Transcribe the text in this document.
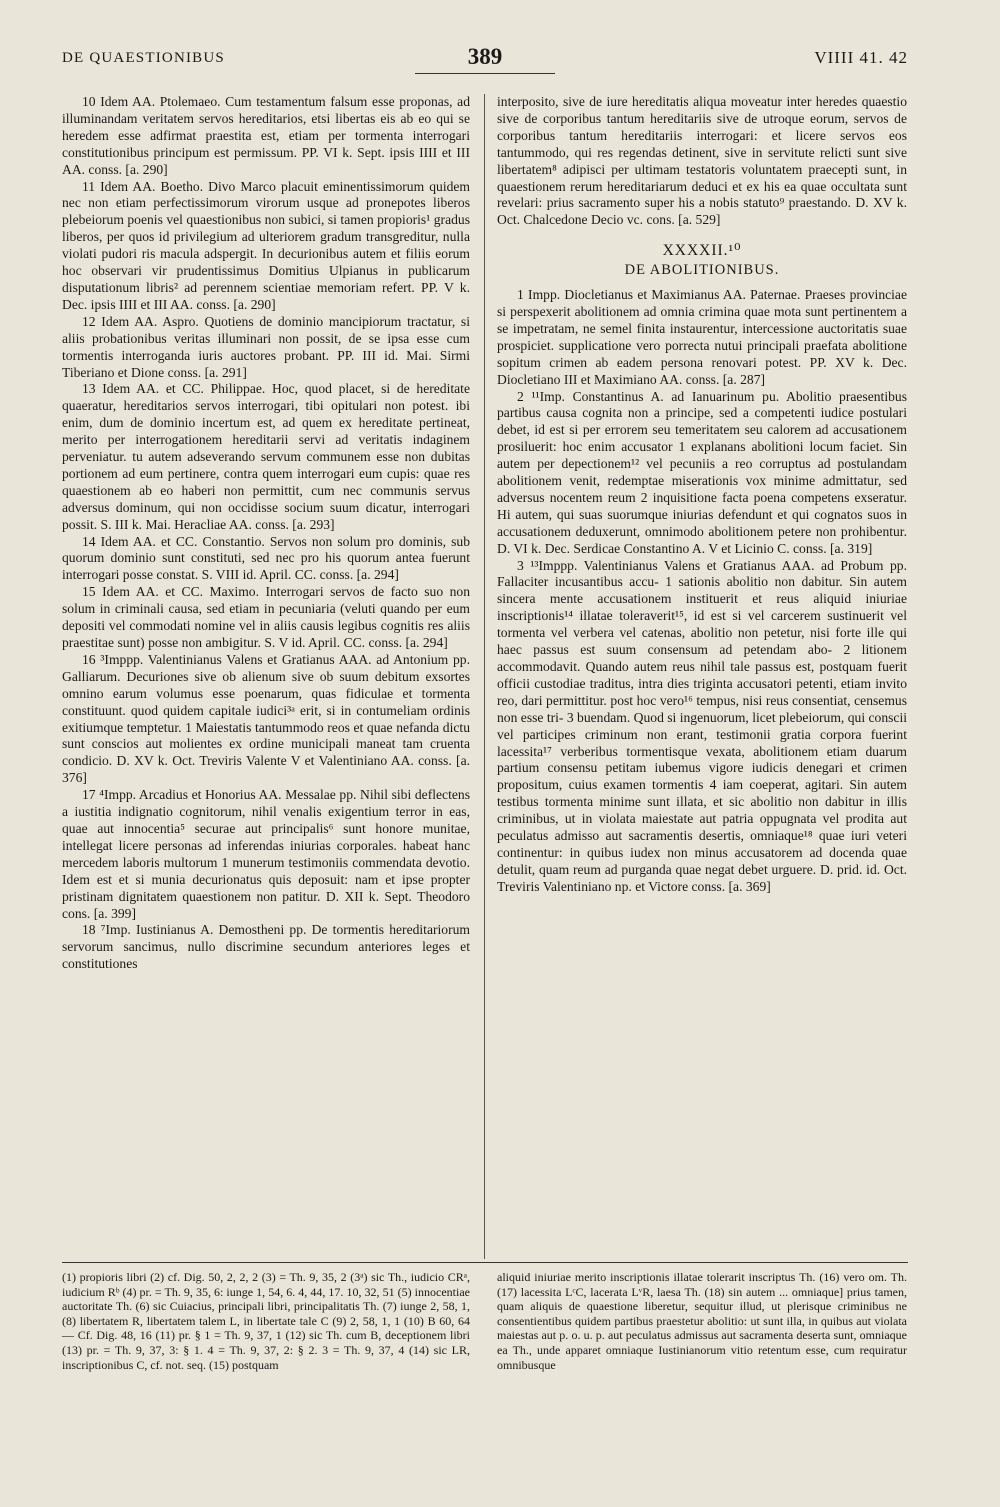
DE QUAESTIONIBUS	389	VIIII 41. 42

10 Idem AA. Ptolemaeo. Cum testamentum falsum esse proponas, ad illuminandam veritatem servos hereditarios, etsi libertas eis ab eo qui se heredem esse adfirmat praestita est, etiam per tormenta interrogari constitutionibus principum est permissum. PP. VI k. Sept. ipsis IIII et III AA. conss. [a. 290]

11 Idem AA. Boetho. Divo Marco placuit eminentissimorum quidem nec non etiam perfectissimorum virorum usque ad pronepotes liberos plebeiorum poenis vel quaestionibus non subici, si tamen propioris¹ gradus liberos, per quos id privilegium ad ulteriorem gradum transgreditur, nulla violati pudori ris macula adspergit. In decurionibus autem et filiis eorum hoc observari vir prudentissimus Domitius Ulpianus in publicarum disputationum libris² ad perennem scientiae memoriam refert. PP. V k. Dec. ipsis IIII et III AA. conss. [a. 290]

12 Idem AA. Aspro. Quotiens de dominio mancipiorum tractatur, si aliis probationibus veritas illuminari non possit, de se ipsa esse cum tormentis interroganda iuris auctores probant. PP. III id. Mai. Sirmi Tiberiano et Dione conss. [a. 291]

13 Idem AA. et CC. Philippae. Hoc, quod placet, si de hereditate quaeratur, hereditarios servos interrogari, tibi opitulari non potest. ibi enim, dum de dominio incertum est, ad quem ex hereditate pertineat, merito per interrogationem hereditarii servi ad veritatis indaginem perveniatur. tu autem adseverando servum communem esse non dubitas portionem ad eum pertinere, contra quem interrogari eum cupis: quae res quaestionem ab eo haberi non permittit, cum nec communis servus adversus dominum, qui non occidisse socium suum dicatur, interrogari possit. S. III k. Mai. Heracliae AA. conss. [a. 293]

14 Idem AA. et CC. Constantio. Servos non solum pro dominis, sub quorum dominio sunt constituti, sed nec pro his quorum antea fuerunt interrogari posse constat. S. VIII id. April. CC. conss. [a. 294]

15 Idem AA. et CC. Maximo. Interrogari servos de facto suo non solum in criminali causa, sed etiam in pecuniaria (veluti quando per eum depositi vel commodati nomine vel in aliis causis legibus cognitis res aliis praestitae sunt) posse non ambigitur. S. V id. April. CC. conss. [a. 294]

16 ³Imppp. Valentinianus Valens et Gratianus AAA. ad Antonium pp. Galliarum. Decuriones sive ob alienum sive ob suum debitum exsortes omnino earum volumus esse poenarum, quas fidiculae et tormenta constituunt. quod quidem capitale iudici³ᵃ erit, si in contumeliam ordinis exitiumque temptetur. 1 Maiestatis tantummodo reos et quae nefanda dictu sunt conscios aut molientes ex ordine municipali maneat tam cruenta condicio. D. XV k. Oct. Treviris Valente V et Valentiniano AA. conss. [a. 376]

17 ⁴Impp. Arcadius et Honorius AA. Messalae pp. Nihil sibi deflectens a iustitia indignatio cognitorum, nihil venalis exigentium terror in eas, quae aut innocentia⁵ securae aut principalis⁶ sunt honore munitae, intellegat licere personas ad inferendas iniurias corporales. habeat hanc mercedem laboris multorum 1 munerum testimoniis commendata devotio. Idem est et si munia decurionatus quis deposuit: nam et ipse propter pristinam dignitatem quaestionem non patitur. D. XII k. Sept. Theodoro cons. [a. 399]

18 ⁷Imp. Iustinianus A. Demostheni pp. De tormentis hereditariorum servorum sancimus, nullo discrimine secundum anteriores leges et constitutiones

interposito, sive de iure hereditatis aliqua moveatur inter heredes quaestio sive de corporibus tantum hereditariis sive de utroque eorum, servos de corporibus tantum hereditariis interrogari: et licere servos eos tantummodo, qui res regendas detinent, sive in servitute relicti sunt sive libertatem⁸ adipisci per ultimam testatoris voluntatem praecepti sunt, in quaestionem rerum hereditariarum deduci et ex his ea quae occultata sunt revelari: prius sacramento super his a nobis statuto⁹ praestando. D. XV k. Oct. Chalcedone Decio vc. cons. [a. 529]

XXXXII.¹⁰
DE ABOLITIONIBUS.

1 Impp. Diocletianus et Maximianus AA. Paternae. Praeses provinciae si perspexerit abolitionem ad omnia crimina quae mota sunt pertinentem a se impetratam, ne semel finita instaurentur, intercessione auctoritatis suae prospiciet. supplicatione vero porrecta nutui principali praefata abolitione sopitum crimen ab eadem persona renovari potest. PP. XV k. Dec. Diocletiano III et Maximiano AA. conss. [a. 287]

2 ¹¹Imp. Constantinus A. ad Ianuarinum pu. Abolitio praesentibus partibus causa cognita non a principe, sed a competenti iudice postulari debet, id est si per errorem seu temeritatem seu calorem ad accusationem prosiluerit: hoc enim accusator 1 explanans abolitioni locum faciet. Sin autem per depectionem¹² vel pecuniis a reo corruptus ad postulandam abolitionem venit, redemptae miserationis vox minime admittatur, sed adversus nocentem reum 2 inquisitione facta poena competens exseratur. Hi autem, qui suas suorumque iniurias defendunt et qui cognatos suos in accusationem deduxerunt, omnimodo abolitionem petere non prohibentur. D. VI k. Dec. Serdicae Constantino A. V et Licinio C. conss. [a. 319]

3 ¹³Imppp. Valentinianus Valens et Gratianus AAA. ad Probum pp. Fallaciter incusantibus accu- 1 sationis abolitio non dabitur. Sin autem sincera mente accusationem instituerit et reus aliquid iniuriae inscriptionis¹⁴ illatae toleraverit¹⁵, id est si vel carcerem sustinuerit vel tormenta vel verbera vel catenas, abolitio non petetur, nisi forte ille qui haec passus est suum consensum ad petendam abo- 2 litionem accommodavit. Quando autem reus nihil tale passus est, postquam fuerit officii custodiae traditus, intra dies triginta accusatori petenti, etiam invito reo, dari permittitur. post hoc vero¹⁶ tempus, nisi reus consentiat, censemus non esse tri- 3 buendam. Quod si ingenuorum, licet plebeiorum, qui conscii vel participes criminum non erant, testimonii gratia corpora fuerint lacessita¹⁷ verberibus tormentisque vexata, abolitionem etiam duarum partium consensu petitam iubemus vigore iudicis denegari et crimen propositum, cuius examen tormentis 4 iam coeperat, agitari. Sin autem testibus tormenta minime sunt illata, et sic abolitio non dabitur in illis criminibus, ut in violata maiestate aut patria oppugnata vel prodita aut peculatus admisso aut sacramentis desertis, omniaque¹⁸ quae iuri veteri continentur: in quibus iudex non minus accusatorem ad docenda quae detulit, quam reum ad purganda quae negat debet urguere. D. prid. id. Oct. Treviris Valentiniano np. et Victore conss. [a. 369]

(1) propioris libri (2) cf. Dig. 50, 2, 2, 2 (3) = Th. 9, 35, 2 (3ᵃ) sic Th., iudicio CRᵃ, iudicium Rᵇ (4) pr. = Th. 9, 35, 6: iunge 1, 54, 6. 4, 44, 17. 10, 32, 51 (5) innocentiae auctoritate Th. (6) sic Cuiacius, principali libri, principalitatis Th. (7) iunge 2, 58, 1, (8) libertatem R, libertatem talem L, in libertate tale C (9) 2, 58, 1, 1 (10) B 60, 64 — Cf. Dig. 48, 16 (11) pr. § 1 = Th. 9, 37, 1 (12) sic Th. cum B, deceptionem libri (13) pr. = Th. 9, 37, 3: § 1. 4 = Th. 9, 37, 2: § 2. 3 = Th. 9, 37, 4 (14) sic LR, inscriptionibus C, cf. not. seq. (15) postquam

aliquid iniuriae merito inscriptionis illatae tolerarit inscriptus Th. (16) vero om. Th. (17) lacessita LᶜC, lacerata LᵛR, laesa Th. (18) sin autem ... omniaque] prius tamen, quam aliquis de quaestione liberetur, sequitur illud, ut plerisque criminibus ne consentientibus quidem partibus praestetur abolitio: ut sunt illa, in quibus aut violata maiestas aut p. o. u. p. aut peculatus admissus aut sacramenta deserta sunt, omniaque ea Th., unde apparet omniaque Iustinianorum vitio retentum esse, cum requiratur omnibusque
